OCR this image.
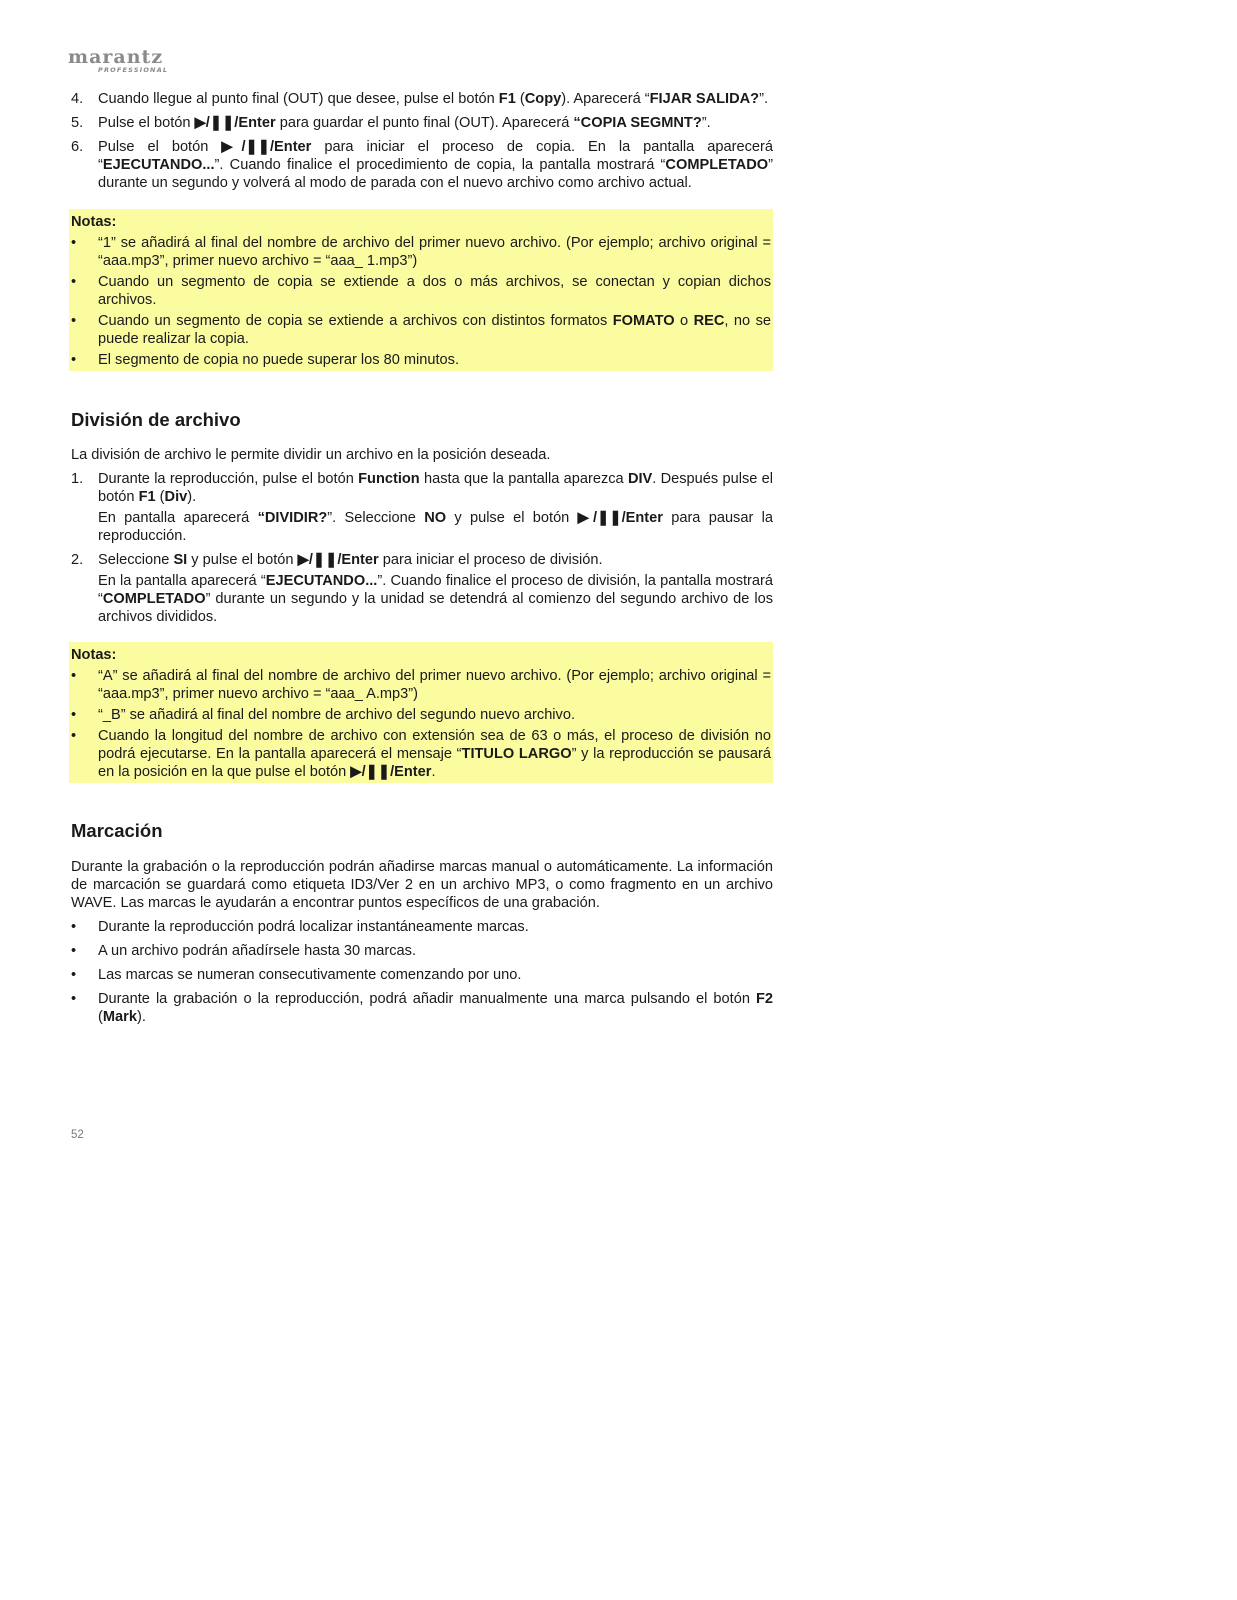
marantz
PROFESSIONAL
4. Cuando llegue al punto final (OUT) que desee, pulse el botón F1 (Copy). Aparecerá “FIJAR SALIDA?”.
5. Pulse el botón ▶/❚❚/Enter para guardar el punto final (OUT). Aparecerá “COPIA SEGMNT?”.
6. Pulse el botón ▶/❚❚/Enter para iniciar el proceso de copia. En la pantalla aparecerá “EJECUTANDO...”. Cuando finalice el procedimiento de copia, la pantalla mostrará “COMPLETADO” durante un segundo y volverá al modo de parada con el nuevo archivo como archivo actual.
Notas:
• “1” se añadirá al final del nombre de archivo del primer nuevo archivo. (Por ejemplo; archivo original = “aaa.mp3”, primer nuevo archivo = “aaa_ 1.mp3”)
• Cuando un segmento de copia se extiende a dos o más archivos, se conectan y copian dichos archivos.
• Cuando un segmento de copia se extiende a archivos con distintos formatos FOMATO o REC, no se puede realizar la copia.
• El segmento de copia no puede superar los 80 minutos.
División de archivo

La división de archivo le permite dividir un archivo en la posición deseada.

1. Durante la reproducción, pulse el botón Function hasta que la pantalla aparezca DIV. Después pulse el botón F1 (Div).
En pantalla aparecerá “DIVIDIR?”. Seleccione NO y pulse el botón ▶/❚❚/Enter para pausar la reproducción.
2. Seleccione SI y pulse el botón ▶/❚❚/Enter para iniciar el proceso de división.
En la pantalla aparecerá “EJECUTANDO...”. Cuando finalice el proceso de división, la pantalla mostrará “COMPLETADO” durante un segundo y la unidad se detendrá al comienzo del segundo archivo de los archivos divididos.
Notas:
• “A” se añadirá al final del nombre de archivo del primer nuevo archivo. (Por ejemplo; archivo original = “aaa.mp3”, primer nuevo archivo = “aaa_ A.mp3”)
• “_B” se añadirá al final del nombre de archivo del segundo nuevo archivo.
• Cuando la longitud del nombre de archivo con extensión sea de 63 o más, el proceso de división no podrá ejecutarse. En la pantalla aparecerá el mensaje “TITULO LARGO” y la reproducción se pausará en la posición en la que pulse el botón ▶/❚❚/Enter.
Marcación

Durante la grabación o la reproducción podrán añadirse marcas manual o automáticamente. La información de marcación se guardará como etiqueta ID3/Ver 2 en un archivo MP3, o como fragmento en un archivo WAVE. Las marcas le ayudarán a encontrar puntos específicos de una grabación.

• Durante la reproducción podrá localizar instantáneamente marcas.
• A un archivo podrán añadírsele hasta 30 marcas.
• Las marcas se numeran consecutivamente comenzando por uno.
• Durante la grabación o la reproducción, podrá añadir manualmente una marca pulsando el botón F2 (Mark).
52
